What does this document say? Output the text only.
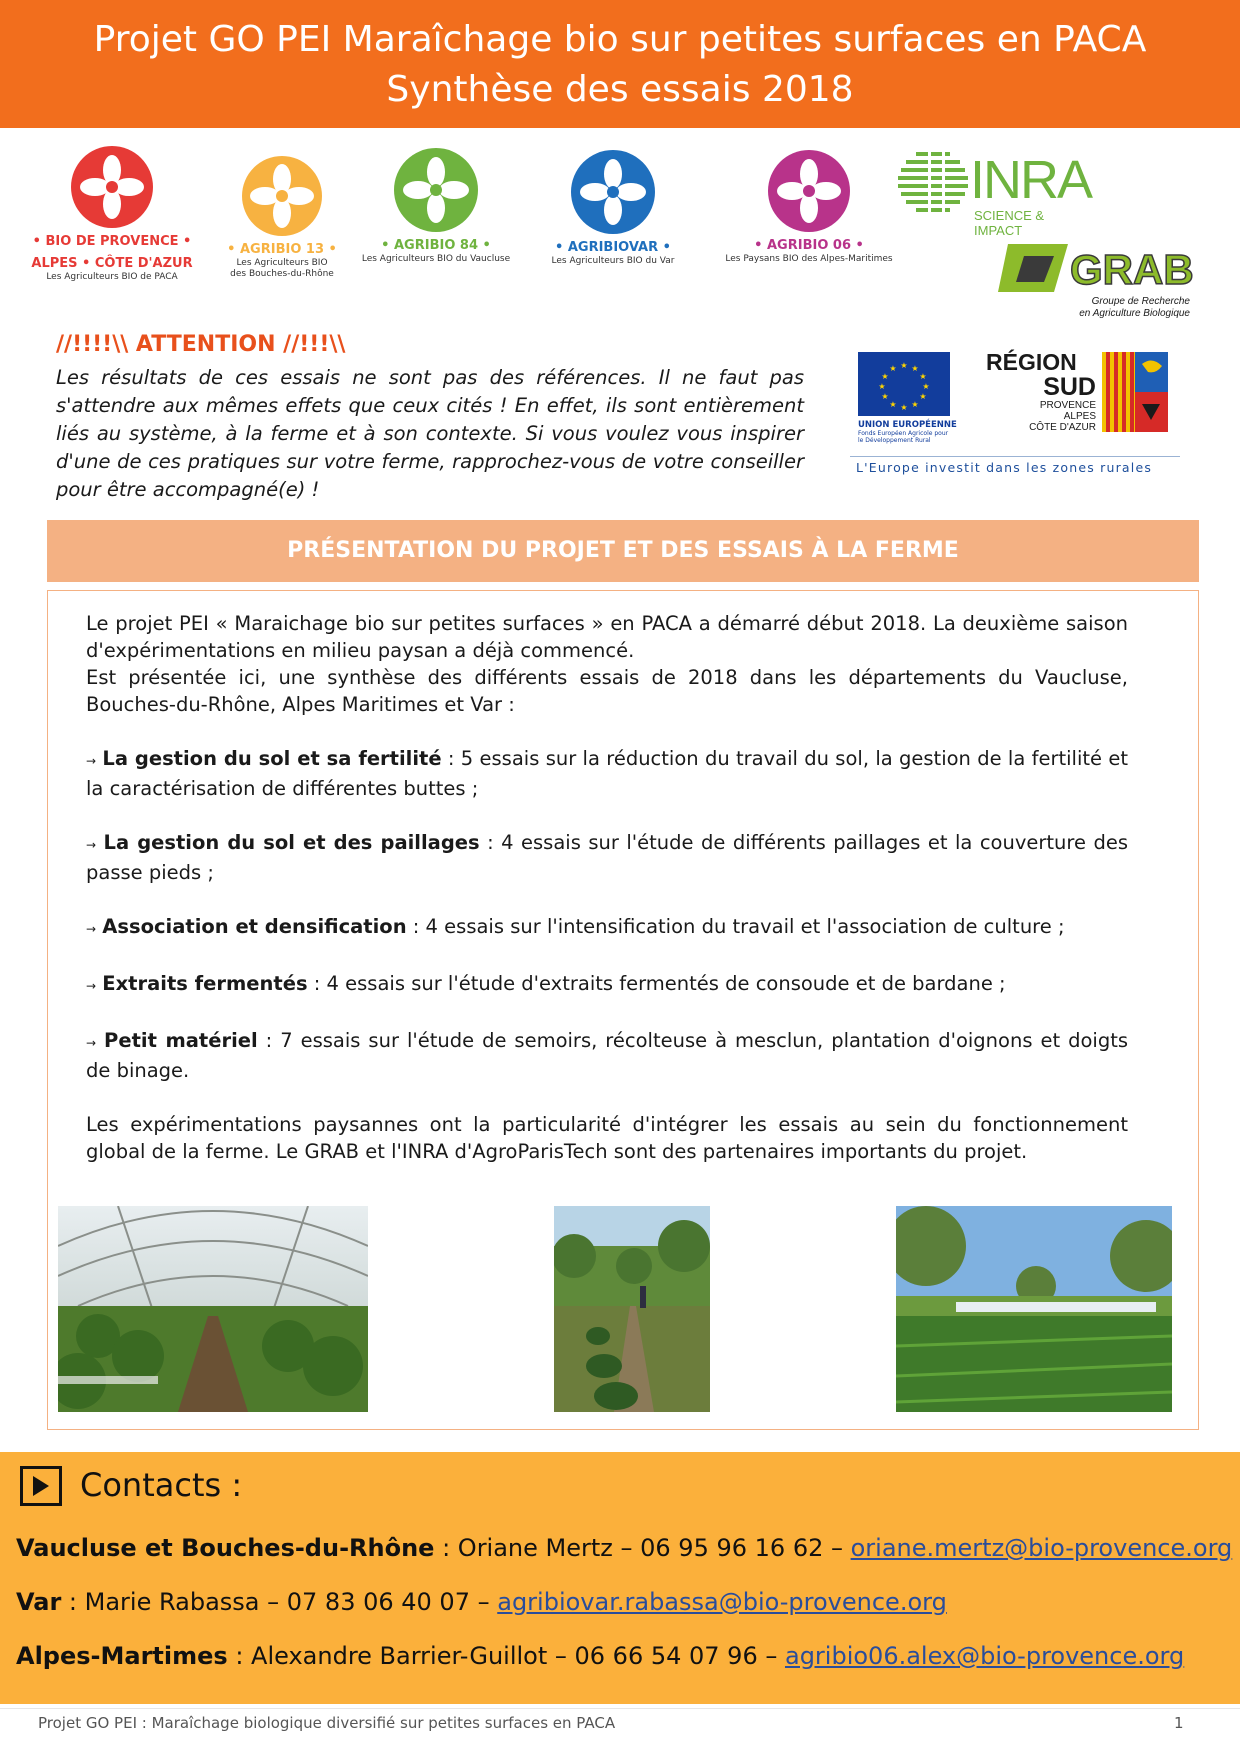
Projet GO PEI Maraîchage bio sur petites surfaces en PACA
Synthèse des essais 2018
• BIO DE PROVENCE •
ALPES • CÔTE D'AZUR
Les Agriculteurs BIO de PACA
• AGRIBIO 13 •
Les Agriculteurs BIO
des Bouches-du-Rhône
• AGRIBIO 84 •
Les Agriculteurs BIO du Vaucluse
• AGRIBIOVAR •
Les Agriculteurs BIO du Var
• AGRIBIO 06 •
Les Paysans BIO des Alpes-Maritimes
INRA
SCIENCE & IMPACT
GRAB
Groupe de Recherche
en Agriculture Biologique
//!!!!\\ ATTENTION //!!!\\
Les résultats de ces essais ne sont pas des références. Il ne faut pas s'attendre aux mêmes effets que ceux cités ! En effet, ils sont entièrement liés au système, à la ferme et à son contexte. Si vous voulez vous inspirer d'une de ces pratiques sur votre ferme, rapprochez-vous de votre conseiller pour être accompagné(e) !
★ ★
★
★
★
★
★
★
★
★
★
★
UNION EUROPÉENNE
Fonds Européen Agricole pour le Développement Rural
RÉGION
SUD
PROVENCE
ALPES
CÔTE D'AZUR
L'Europe investit dans les zones rurales
PRÉSENTATION DU PROJET ET DES ESSAIS À LA FERME

Le projet PEI « Maraichage bio sur petites surfaces » en PACA a démarré début 2018. La deuxième saison d'expérimentations en milieu paysan a déjà commencé.

Est présentée ici, une synthèse des différents essais de 2018 dans les départements du Vaucluse, Bouches-du-Rhône, Alpes Maritimes et Var :

→ La gestion du sol et sa fertilité : 5 essais sur la réduction du travail du sol, la gestion de la fertilité et la caractérisation de différentes buttes ;

→ La gestion du sol et des paillages : 4 essais sur l'étude de différents paillages et la couverture des passe pieds ;

→ Association et densification : 4 essais sur l'intensification du travail et l'association de culture ;

→ Extraits fermentés : 4 essais sur l'étude d'extraits fermentés de consoude et de bardane ;

→ Petit matériel : 7 essais sur l'étude de semoirs, récolteuse à mesclun, plantation d'oignons et doigts de binage.

Les expérimentations paysannes ont la particularité d'intégrer les essais au sein du fonctionnement global de la ferme. Le GRAB et l'INRA d'AgroParisTech sont des partenaires importants du projet.

Contacts :
Vaucluse et Bouches-du-Rhône : Oriane Mertz – 06 95 96 16 62 – oriane.mertz@bio-provence.org
Var : Marie Rabassa – 07 83 06 40 07 – agribiovar.rabassa@bio-provence.org
Alpes-Martimes : Alexandre Barrier-Guillot – 06 66 54 07 96 – agribio06.alex@bio-provence.org
Projet GO PEI : Maraîchage biologique diversifié sur petites surfaces en PACA	1
